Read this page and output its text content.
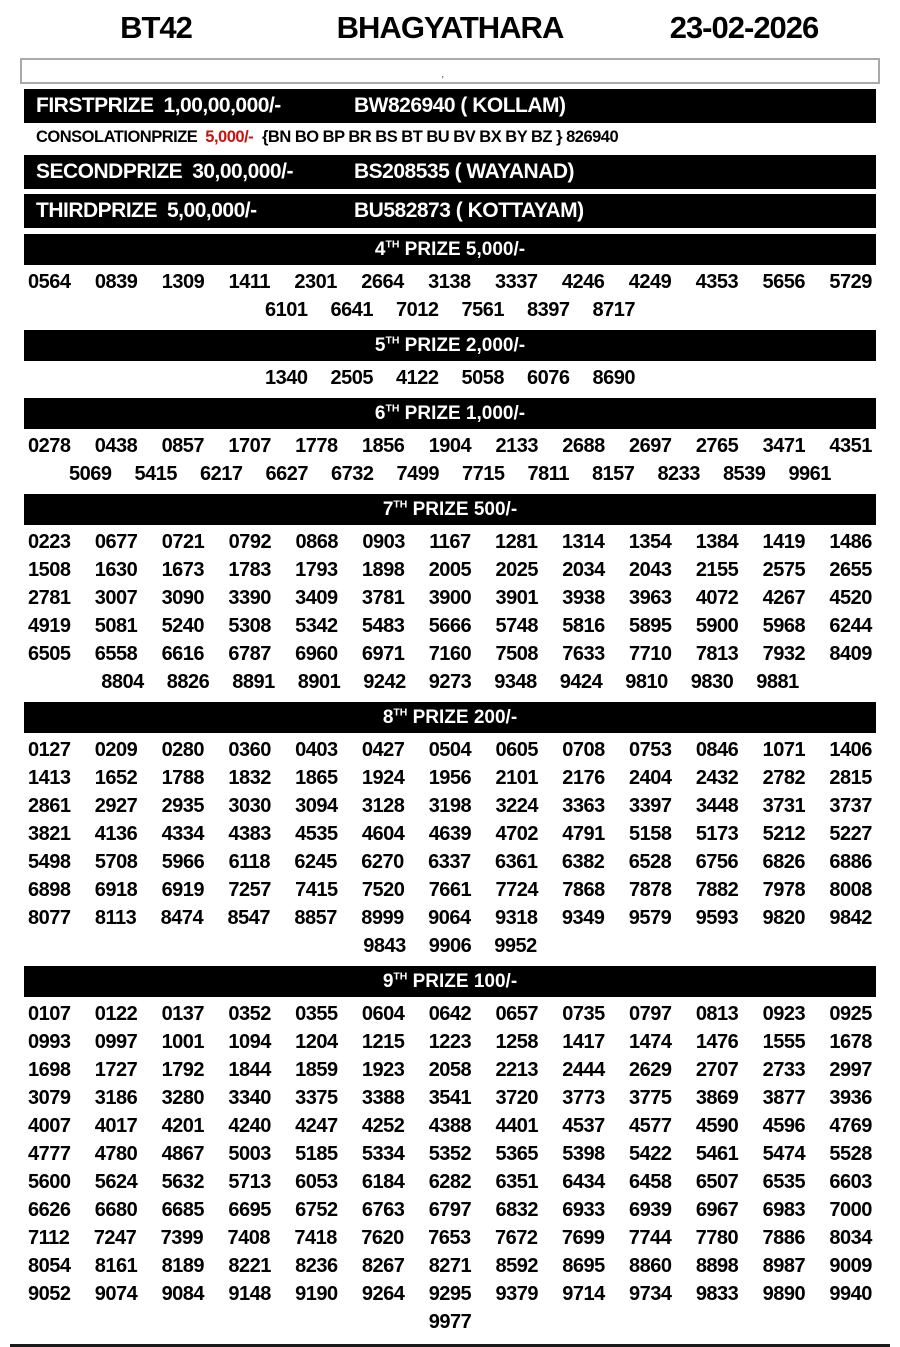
BT42	BHAGYATHARA	23-02-2026
ʼ
FIRSTPRIZE 1,00,00,000/-	BW826940 ( KOLLAM)
CONSOLATIONPRIZE 5,000/- {BN BO BP BR BS BT BU BV BX BY BZ } 826940
SECONDPRIZE 30,00,000/-	BS208535 ( WAYANAD)
THIRDPRIZE 5,00,000/-	BU582873 ( KOTTAYAM)
4TH PRIZE 5,000/-
0564 0839 1309 1411 2301 2664 3138 3337 4246 4249 4353 5656 5729
6101 6641 7012 7561 8397 8717
5TH PRIZE 2,000/-
1340 2505 4122 5058 6076 8690
6TH PRIZE 1,000/-
0278 0438 0857 1707 1778 1856 1904 2133 2688 2697 2765 3471 4351
5069 5415 6217 6627 6732 7499 7715 7811 8157 8233 8539 9961
7TH PRIZE 500/-
0223 0677 0721 0792 0868 0903 1167 1281 1314 1354 1384 1419 1486
1508 1630 1673 1783 1793 1898 2005 2025 2034 2043 2155 2575 2655
2781 3007 3090 3390 3409 3781 3900 3901 3938 3963 4072 4267 4520
4919 5081 5240 5308 5342 5483 5666 5748 5816 5895 5900 5968 6244
6505 6558 6616 6787 6960 6971 7160 7508 7633 7710 7813 7932 8409
8804 8826 8891 8901 9242 9273 9348 9424 9810 9830 9881
8TH PRIZE 200/-
0127 0209 0280 0360 0403 0427 0504 0605 0708 0753 0846 1071 1406
1413 1652 1788 1832 1865 1924 1956 2101 2176 2404 2432 2782 2815
2861 2927 2935 3030 3094 3128 3198 3224 3363 3397 3448 3731 3737
3821 4136 4334 4383 4535 4604 4639 4702 4791 5158 5173 5212 5227
5498 5708 5966 6118 6245 6270 6337 6361 6382 6528 6756 6826 6886
6898 6918 6919 7257 7415 7520 7661 7724 7868 7878 7882 7978 8008
8077 8113 8474 8547 8857 8999 9064 9318 9349 9579 9593 9820 9842
9843 9906 9952
9TH PRIZE 100/-
0107 0122 0137 0352 0355 0604 0642 0657 0735 0797 0813 0923 0925
0993 0997 1001 1094 1204 1215 1223 1258 1417 1474 1476 1555 1678
1698 1727 1792 1844 1859 1923 2058 2213 2444 2629 2707 2733 2997
3079 3186 3280 3340 3375 3388 3541 3720 3773 3775 3869 3877 3936
4007 4017 4201 4240 4247 4252 4388 4401 4537 4577 4590 4596 4769
4777 4780 4867 5003 5185 5334 5352 5365 5398 5422 5461 5474 5528
5600 5624 5632 5713 6053 6184 6282 6351 6434 6458 6507 6535 6603
6626 6680 6685 6695 6752 6763 6797 6832 6933 6939 6967 6983 7000
7112 7247 7399 7408 7418 7620 7653 7672 7699 7744 7780 7886 8034
8054 8161 8189 8221 8236 8267 8271 8592 8695 8860 8898 8987 9009
9052 9074 9084 9148 9190 9264 9295 9379 9714 9734 9833 9890 9940
9977
